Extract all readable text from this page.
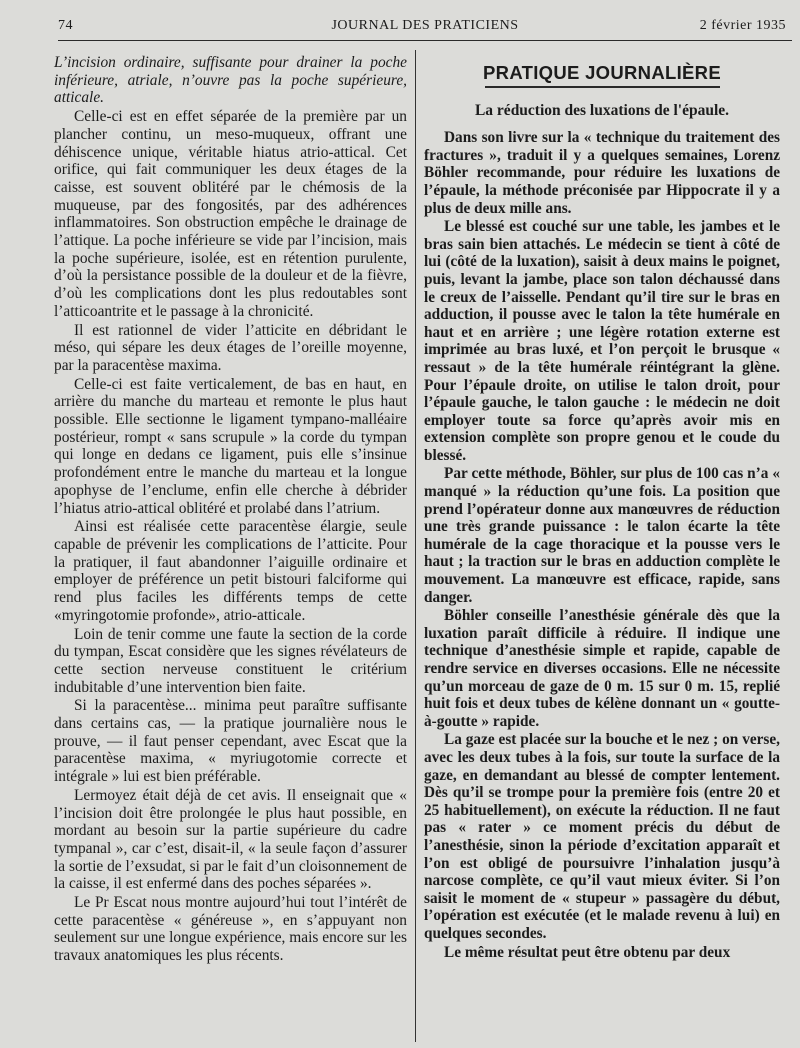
74	JOURNAL DES PRATICIENS	2 février 1935

L’incision ordinaire, suffisante pour drainer la poche inférieure, atriale, n’ouvre pas la poche supérieure, atticale.

Celle-ci est en effet séparée de la première par un plancher continu, un meso-muqueux, offrant une déhiscence unique, véritable hiatus atrio-attical. Cet orifice, qui fait communiquer les deux étages de la caisse, est souvent oblitéré par le chémosis de la muqueuse, par des fongosités, par des adhérences inflammatoires. Son obstruction empêche le drainage de l’attique. La poche inférieure se vide par l’incision, mais la poche supérieure, isolée, est en rétention purulente, d’où la persistance possible de la douleur et de la fièvre, d’où les complications dont les plus redoutables sont l’atticoantrite et le passage à la chronicité.

Il est rationnel de vider l’atticite en débridant le méso, qui sépare les deux étages de l’oreille moyenne, par la paracentèse maxima.

Celle-ci est faite verticalement, de bas en haut, en arrière du manche du marteau et remonte le plus haut possible. Elle sectionne le ligament tympano-malléaire postérieur, rompt « sans scrupule » la corde du tympan qui longe en dedans ce ligament, puis elle s’insinue profondément entre le manche du marteau et la longue apophyse de l’enclume, enfin elle cherche à débrider l’hiatus atrio-attical oblitéré et prolabé dans l’atrium.

Ainsi est réalisée cette paracentèse élargie, seule capable de prévenir les complications de l’atticite. Pour la pratiquer, il faut abandonner l’aiguille ordinaire et employer de préférence un petit bistouri falciforme qui rend plus faciles les différents temps de cette «myringotomie profonde», atrio-atticale.

Loin de tenir comme une faute la section de la corde du tympan, Escat considère que les signes révélateurs de cette section nerveuse constituent le critérium indubitable d’une intervention bien faite.

Si la paracentèse... minima peut paraître suffisante dans certains cas, — la pratique journalière nous le prouve, — il faut penser cependant, avec Escat que la paracentèse maxima, « myriugotomie correcte et intégrale » lui est bien préférable.

Lermoyez était déjà de cet avis. Il enseignait que « l’incision doit être prolongée le plus haut possible, en mordant au besoin sur la partie supérieure du cadre tympanal », car c’est, disait-il, « la seule façon d’assurer la sortie de l’exsudat, si par le fait d’un cloisonnement de la caisse, il est enfermé dans des poches séparées ».

Le Pr Escat nous montre aujourd’hui tout l’intérêt de cette paracentèse « généreuse », en s’appuyant non seulement sur une longue expérience, mais encore sur les travaux anatomiques les plus récents.

PRATIQUE JOURNALIÈRE
La réduction des luxations de l'épaule.

Dans son livre sur la « technique du traitement des fractures », traduit il y a quelques semaines, Lorenz Böhler recommande, pour réduire les luxations de l’épaule, la méthode préconisée par Hippocrate il y a plus de deux mille ans.

Le blessé est couché sur une table, les jambes et le bras sain bien attachés. Le médecin se tient à côté de lui (côté de la luxation), saisit à deux mains le poignet, puis, levant la jambe, place son talon déchaussé dans le creux de l’aisselle. Pendant qu’il tire sur le bras en adduction, il pousse avec le talon la tête humérale en haut et en arrière ; une légère rotation externe est imprimée au bras luxé, et l’on perçoit le brusque « ressaut » de la tête humérale réintégrant la glène. Pour l’épaule droite, on utilise le talon droit, pour l’épaule gauche, le talon gauche : le médecin ne doit employer toute sa force qu’après avoir mis en extension complète son propre genou et le coude du blessé.

Par cette méthode, Böhler, sur plus de 100 cas n’a « manqué » la réduction qu’une fois. La position que prend l’opérateur donne aux manœuvres de réduction une très grande puissance : le talon écarte la tête humérale de la cage thoracique et la pousse vers le haut ; la traction sur le bras en adduction complète le mouvement. La manœuvre est efficace, rapide, sans danger.

Böhler conseille l’anesthésie générale dès que la luxation paraît difficile à réduire. Il indique une technique d’anesthésie simple et rapide, capable de rendre service en diverses occasions. Elle ne nécessite qu’un morceau de gaze de 0 m. 15 sur 0 m. 15, replié huit fois et deux tubes de kélène donnant un « goutte-à-goutte » rapide.

La gaze est placée sur la bouche et le nez ; on verse, avec les deux tubes à la fois, sur toute la surface de la gaze, en demandant au blessé de compter lentement. Dès qu’il se trompe pour la première fois (entre 20 et 25 habituellement), on exécute la réduction. Il ne faut pas « rater » ce moment précis du début de l’anesthésie, sinon la période d’excitation apparaît et l’on est obligé de poursuivre l’inhalation jusqu’à narcose complète, ce qu’il vaut mieux éviter. Si l’on saisit le moment de « stupeur » passagère du début, l’opération est exécutée (et le malade revenu à lui) en quelques secondes.

Le même résultat peut être obtenu par deux
